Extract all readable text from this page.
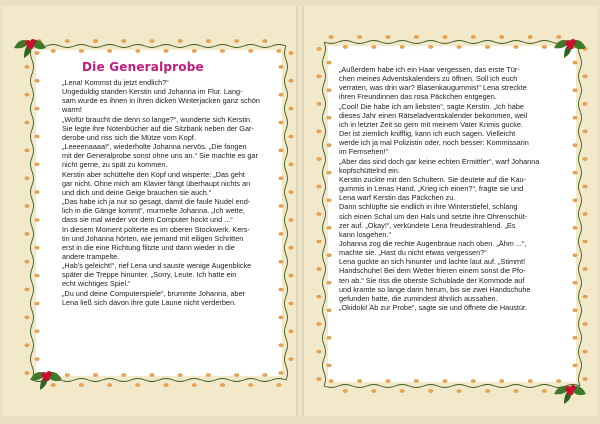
Die Generalprobe

„Lena! Kommst du jetzt endlich?“
Ungeduldig standen Kerstin und Johanna im Flur. Lang-
sam wurde es ihnen in ihren dicken Winterjacken ganz schön
warm!
„Wofür braucht die denn so lange?“, wunderte sich Kerstin.
Sie legte ihre Notenbücher auf die Sitzbank neben der Gar-
derobe und riss sich die Mütze vom Kopf.
„Leeeenaaaa!“, wiederholte Johanna nervös. „Die fangen
mit der Generalprobe sonst ohne uns an.“ Sie machte es gar
nicht gerne, zu spät zu kommen.
Kerstin aber schüttelte den Kopf und wisperte: „Das geht
gar nicht. Ohne mich am Klavier fängt überhaupt nichts an
und dich und deine Geige brauchen sie auch.“
„Das habe ich ja nur so gesagt, damit die faule Nudel end-
lich in die Gänge kommt“, murmelte Johanna. „Ich wette,
dass sie mal wieder vor dem Computer hockt und ...“
In diesem Moment polterte es im oberen Stockwerk. Kers-
tin und Johanna hörten, wie jemand mit eiligen Schritten
erst in die eine Richtung flitzte und dann wieder in die
andere trampelte.
„Hab's geleicht!“, rief Lena und sauste wenige Augenblicke
später die Treppe hinunter. „Sorry, Leute. Ich hatte ein
echt wichtiges Spiel.“
„Du und deine Computerspiele“, brummte Johanna, aber
Lena ließ sich davon ihre gute Laune nicht verderben.

„Außerdem habe ich ein Haar vergessen, das erste Tür-
chen meines Adventskalenders zu öffnen. Soll ich euch
verraten, was drin war? Blasenkaugummis!“ Lena streckte
ihren Freundinnen das rosa Päckchen entgegen.
„Cool! Die habe ich am liebsten“, sagte Kerstin. „Ich habe
dieses Jahr einen Rätseladventskalender bekommen, weil
ich in letzter Zeit so gern mit meinem Vater Krimis gucke.
Der ist ziemlich knifflig, kann ich euch sagen. Vielleicht
werde ich ja mal Polizistin oder, noch besser: Kommissarin
im Fernsehen!“
„Aber das sind doch gar keine echten Ermittler“, warf Johanna
kopfschüttelnd ein.
Kerstin zuckte mit den Schultern. Sie deutete auf die Kau-
gummis in Lenas Hand. „Krieg ich einen?“, fragte sie und
Lena warf Kerstin das Päckchen zu.
Dann schlüpfte sie endlich in ihre Winterstiefel, schlang
sich einen Schal um den Hals und setzte ihre Ohrenschüt-
zer auf. „Okay!“, verkündete Lena freudestrahlend. „Es
kann losgehen.“
Johanna zog die rechte Augenbraue nach oben. „Ähm ...“,
machte sie. „Hast du nicht etwas vergessen?“
Lena guckte an sich hinunter und lachte laut auf. „Stimmt!
Handschuhe! Bei dem Wetter frieren einem sonst die Pfo-
ten ab.“ Sie riss die oberste Schublade der Kommode auf
und kramte so lange darin herum, bis sie zwei Handschuhe
gefunden hatte, die zumindest ähnlich aussahen.
„Okidoki! Ab zur Probe“, sagte sie und öffnete die Haustür.
